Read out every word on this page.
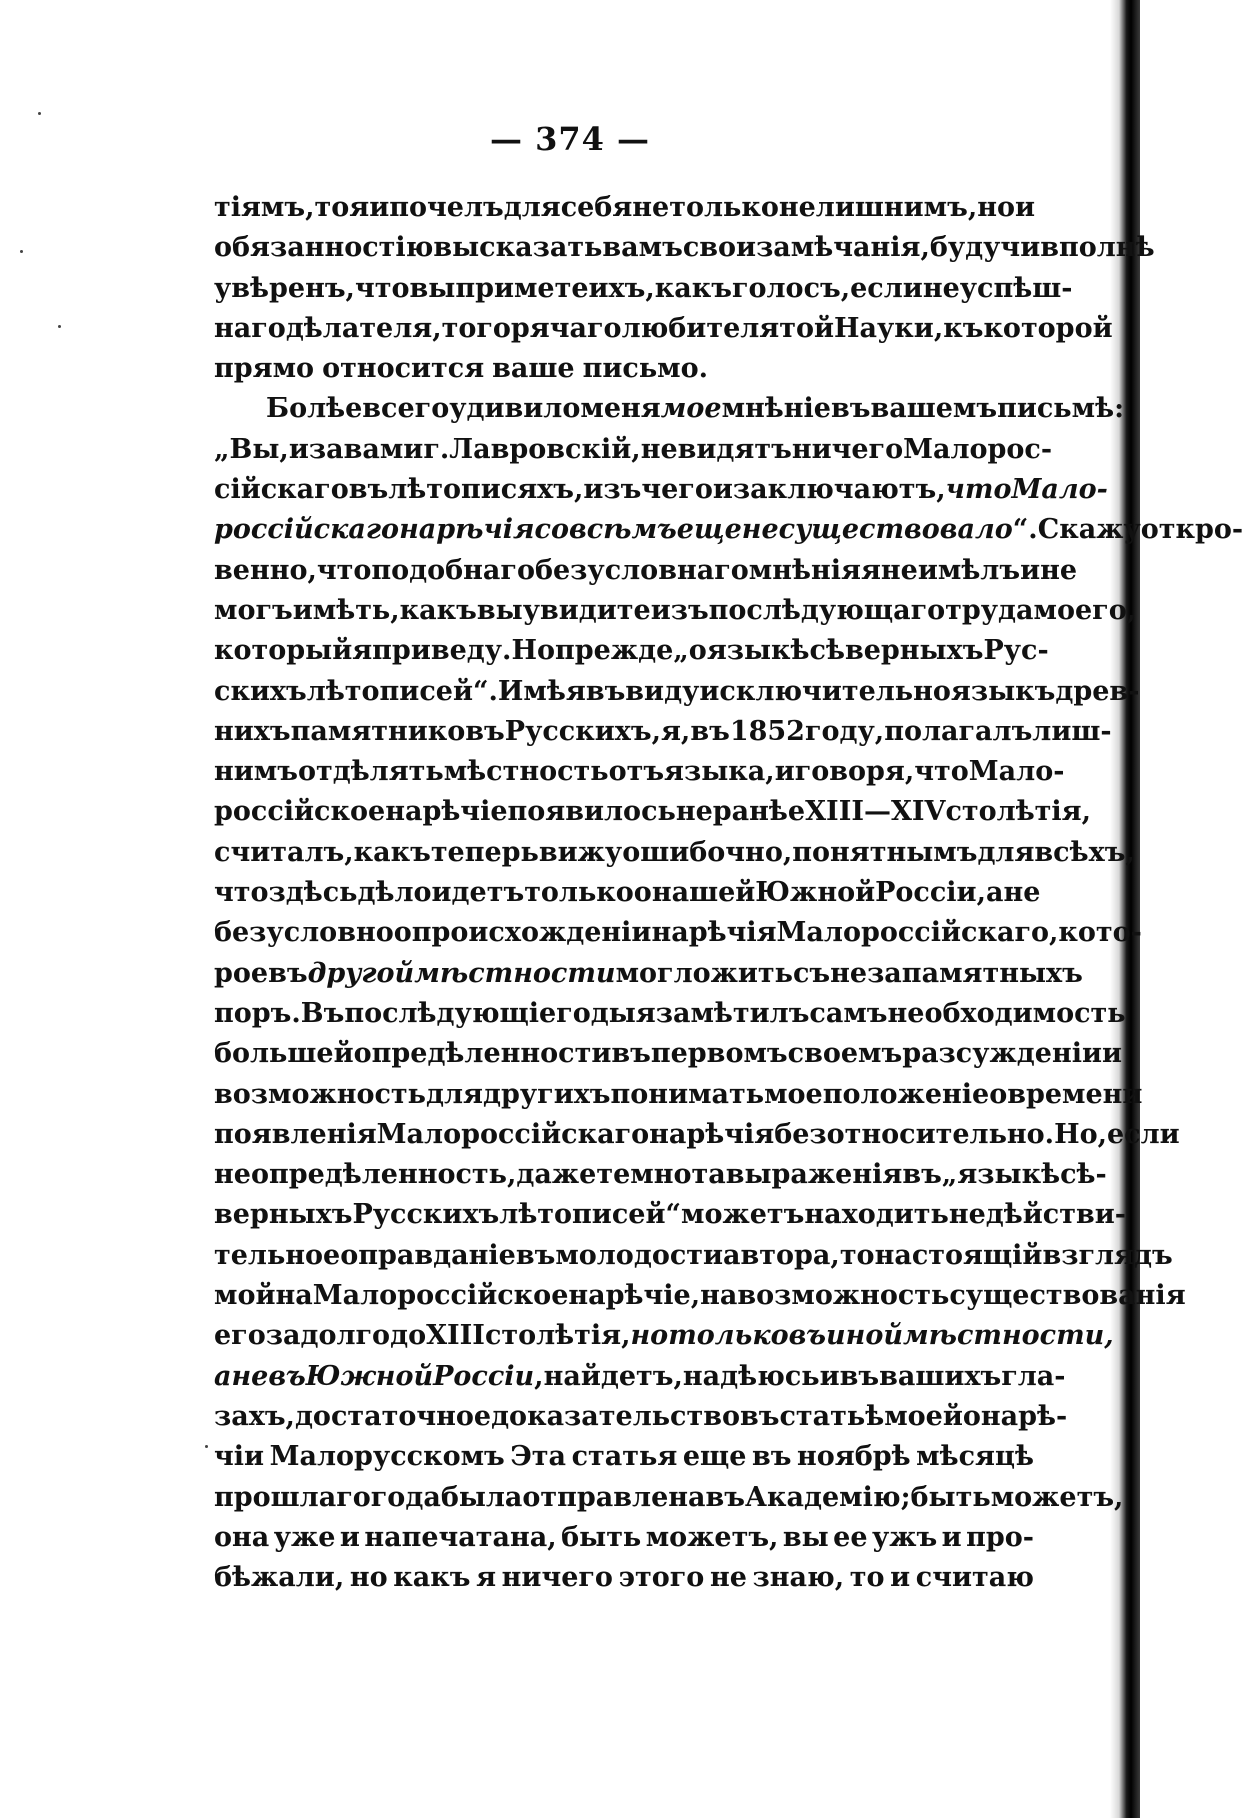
— 374 —
тіямъ, то я и почелъ для себя не только не лишнимъ, но и
обязанностію высказать вамъ свои замѣчанія, будучи вполнѣ
увѣренъ, что вы примете ихъ, какъ голосъ, если не успѣш-
наго дѣлателя, то горячаго любителя той Науки, къ которой
прямо относится ваше письмо.
Болѣе всего удивило меня мое мнѣніе въ вашемъ письмѣ:
„Вы, и за вами г. Лавровскій, не видятъ ничего Малорос-
сійскаго въ лѣтописяхъ, изъ чего и заключаютъ, что Мало-
россійскаго нарѣчія совсѣмъ еще не существовало“. Скажу откро-
венно, что подобнаго безусловнаго мнѣнія я не имѣлъ и не
могъ имѣть, какъ вы увидите изъ послѣдующаго труда моего,
который я приведу. Но прежде „о языкѣ сѣверныхъ Рус-
скихъ лѣтописей“. Имѣя въ виду исключительно языкъ древ-
нихъ памятниковъ Русскихъ, я, въ 1852 году, полагалъ лиш-
нимъ отдѣлять мѣстность отъ языка, и говоря, что Мало-
россійское нарѣчіе появилось не ранѣе XIII—XIV столѣтія,
считалъ, какъ теперь вижу ошибочно, понятнымъ для всѣхъ,
что здѣсь дѣло идетъ только о нашей Южной Россіи, а не
безусловно о происхожденіи нарѣчія Малороссійскаго, кото-
рое въ другой мѣстности могло жить съ незапамятныхъ
поръ. Въ послѣдующіе годы я замѣтилъ самъ необходимость
большей опредѣленности въ первомъ своемъ разсужденіи и
возможность для другихъ понимать мое положеніе о времени
появленія Малороссійскаго нарѣчія безотносительно. Но, если
неопредѣленность, даже темнота выраженія въ „языкѣ сѣ-
верныхъ Русскихъ лѣтописей“ можетъ находить недѣйстви-
тельное оправданіе въ молодости автора, то настоящій взглядъ
мой на Малороссійское нарѣчіе, на возможность существованія
его за долго до XIII столѣтія, но только въ иной мѣстности,
а не въ Южной Россіи, найдетъ, надѣюсь и въ вашихъ гла-
захъ, достаточное доказательство въ статьѣ моей о нарѣ-
чіи Малорусскомъ Эта статья еще въ ноябрѣ мѣсяцѣ
прошлаго года была отправлена въ Академію; быть можетъ,
она уже и напечатана, быть можетъ, вы ее ужъ и про-
бѣжали, но какъ я ничего этого не знаю, то и считаю
